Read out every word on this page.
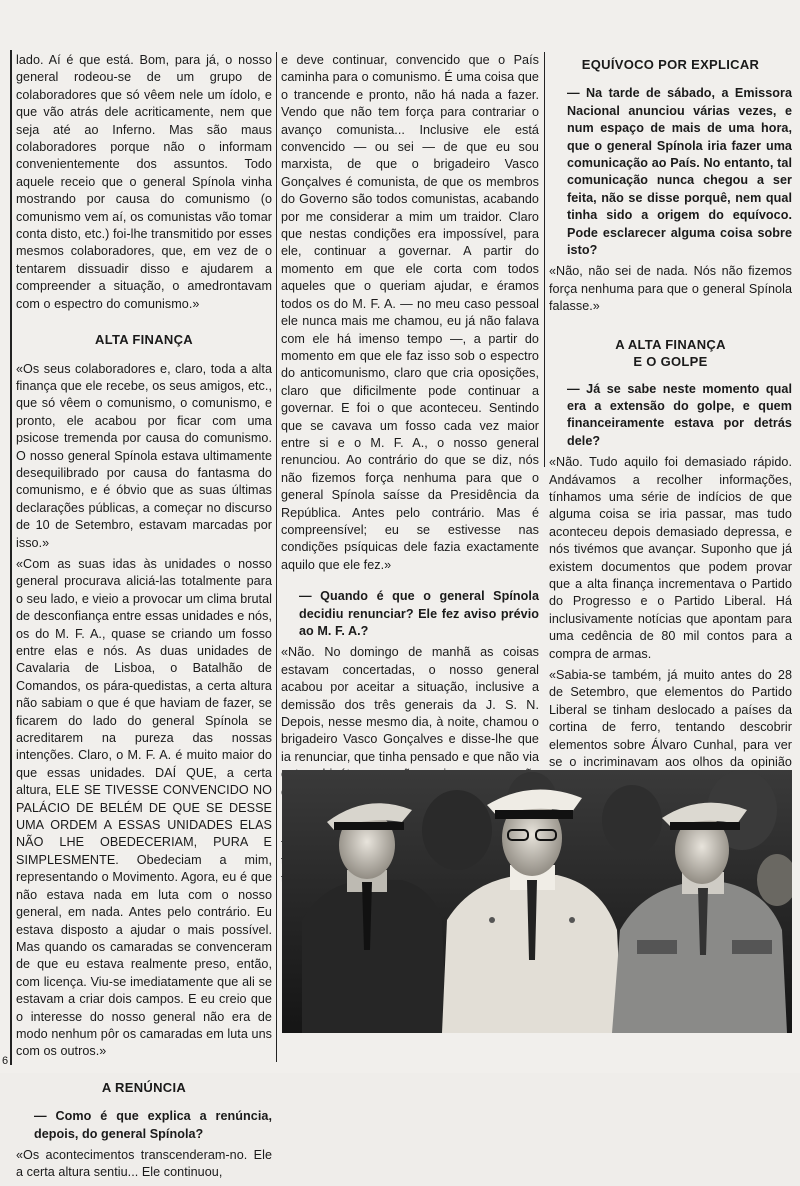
lado. Aí é que está. Bom, para já, o nosso general rodeou-se de um grupo de colaboradores que só vêem nele um ídolo, e que vão atrás dele acriticamente, nem que seja até ao Inferno. Mas são maus colaboradores porque não o informam convenientemente dos assuntos. Todo aquele receio que o general Spínola vinha mostrando por causa do comunismo (o comunismo vem aí, os comunistas vão tomar conta disto, etc.) foi-lhe transmitido por esses mesmos colaboradores, que, em vez de o tentarem dissuadir disso e ajudarem a compreender a situação, o amedrontavam com o espectro do comunismo.»

ALTA FINANÇA

«Os seus colaboradores e, claro, toda a alta finança que ele recebe, os seus amigos, etc., que só vêem o comunismo, o comunismo, e pronto, ele acabou por ficar com uma psicose tremenda por causa do comunismo. O nosso general Spínola estava ultimamente desequilibrado por causa do fantasma do comunismo, e é óbvio que as suas últimas declarações públicas, a começar no discurso de 10 de Setembro, estavam marcadas por isso.»

«Com as suas idas às unidades o nosso general procurava aliciá-las totalmente para o seu lado, e vieio a provocar um clima brutal de desconfiança entre essas unidades e nós, os do M. F. A., quase se criando um fosso entre elas e nós. As duas unidades de Cavalaria de Lisboa, o Batalhão de Comandos, os pára-quedistas, a certa altura não sabiam o que é que haviam de fazer, se ficarem do lado do general Spínola se acreditarem na pureza das nossas intenções. Claro, o M. F. A. é muito maior do que essas unidades. DAÍ QUE, a certa altura, ELE SE TIVESSE CONVENCIDO NO PALÁCIO DE BELÉM DE QUE SE DESSE UMA ORDEM A ESSAS UNIDADES ELAS NÃO LHE OBEDECERIAM, PURA E SIMPLESMENTE. Obedeciam a mim, representando o Movimento. Agora, eu é que não estava nada em luta com o nosso general, em nada. Antes pelo contrário. Eu estava disposto a ajudar o mais possível. Mas quando os camaradas se convenceram de que eu estava realmente preso, então, com licença. Viu-se imediatamente que ali se estavam a criar dois campos. E eu creio que o interesse do nosso general não era de modo nenhum pôr os camaradas em luta uns com os outros.»

A RENÚNCIA

— Como é que explica a renúncia, depois, do general Spínola?

«Os acontecimentos transcenderam-no. Ele a certa altura sentiu... Ele continuou,

e deve continuar, convencido que o País caminha para o comunismo. É uma coisa que o trancende e pronto, não há nada a fazer. Vendo que não tem força para contrariar o avanço comunista... Inclusive ele está convencido — ou sei — de que eu sou marxista, de que o brigadeiro Vasco Gonçalves é comunista, de que os membros do Governo são todos comunistas, acabando por me considerar a mim um traidor. Claro que nestas condições era impossível, para ele, continuar a governar. A partir do momento em que ele corta com todos aqueles que o queriam ajudar, e éramos todos os do M. F. A. — no meu caso pessoal ele nunca mais me chamou, eu já não falava com ele há imenso tempo —, a partir do momento em que ele faz isso sob o espectro do anticomunismo, claro que cria oposições, claro que dificilmente pode continuar a governar. E foi o que aconteceu. Sentindo que se cavava um fosso cada vez maior entre si e o M. F. A., o nosso general renunciou. Ao contrário do que se diz, nós não fizemos força nenhuma para que o general Spínola saísse da Presidência da República. Antes pelo contrário. Mas é compreensível; eu se estivesse nas condições psíquicas dele fazia exactamente aquilo que ele fez.»

— Quando é que o general Spínola decidiu renunciar? Ele fez aviso prévio ao M. F. A.?

«Não. No domingo de manhã as coisas estavam concertadas, o nosso general acabou por aceitar a situação, inclusive a demissão dos três generais da J. S. N. Depois, nesse mesmo dia, à noite, chamou o brigadeiro Vasco Gonçalves e disse-lhe que ia renunciar, que tinha pensado e que não via

EQUÍVOCO POR EXPLICAR

— Na tarde de sábado, a Emissora Nacional anunciou várias vezes, e num espaço de mais de uma hora, que o general Spínola iria fazer uma comunicação ao País. No entanto, tal comunicação nunca chegou a ser feita, não se disse porquê, nem qual tinha sido a origem do equívoco. Pode esclarecer alguma coisa sobre isto?

«Não, não sei de nada. Nós não fizemos força nenhuma para que o general Spínola falasse.»

A ALTA FINANÇA
E O GOLPE

— Já se sabe neste momento qual era a extensão do golpe, e quem financeiramente estava por detrás dele?

«Não. Tudo aquilo foi demasiado rápido. Andávamos a recolher informações, tínhamos uma série de indícios de que alguma coisa se iria passar, mas tudo aconteceu depois demasiado depressa, e nós tivémos que avançar. Suponho que já existem documentos que podem provar que a alta finança incrementava o Partido do Progresso e o Partido Liberal. Há inclusivamente notícias que apontam para uma cedência de 80 mil contos para a compra de armas.

«Sabia-se também, já muito antes do 28 de Setembro, que elementos do Partido Liberal se tinham deslocado a países da cortina de ferro, tentando descobrir elementos sobre Álvaro Cunhal, para ver se o incriminavam aos olhos da opinião

6
